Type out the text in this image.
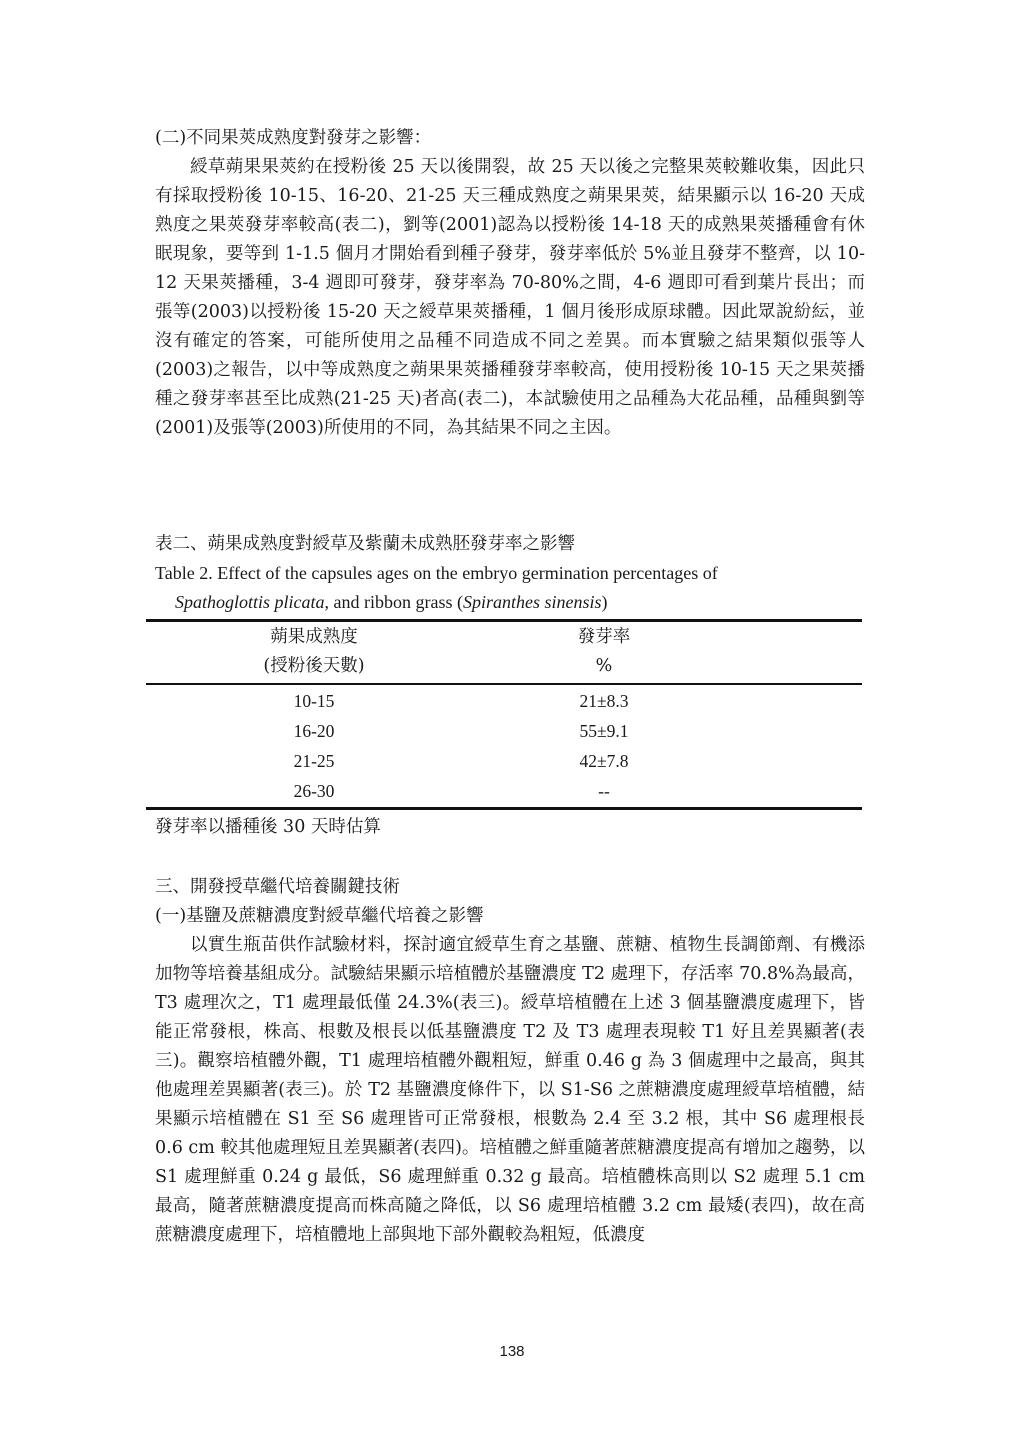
(二)不同果莢成熟度對發芽之影響：

綬草蒴果果莢約在授粉後 25 天以後開裂，故 25 天以後之完整果莢較難收集，因此只有採取授粉後 10-15、16-20、21-25 天三種成熟度之蒴果果莢，結果顯示以 16-20 天成熟度之果莢發芽率較高(表二)，劉等(2001)認為以授粉後 14-18 天的成熟果莢播種會有休眠現象，要等到 1-1.5 個月才開始看到種子發芽，發芽率低於 5%並且發芽不整齊，以 10-12 天果莢播種，3-4 週即可發芽，發芽率為 70-80%之間，4-6 週即可看到葉片長出；而張等(2003)以授粉後 15-20 天之綬草果莢播種，1 個月後形成原球體。因此眾說紛紜，並沒有確定的答案，可能所使用之品種不同造成不同之差異。而本實驗之結果類似張等人(2003)之報告，以中等成熟度之蒴果果莢播種發芽率較高，使用授粉後 10-15 天之果莢播種之發芽率甚至比成熟(21-25 天)者高(表二)，本試驗使用之品種為大花品種，品種與劉等(2001)及張等(2003)所使用的不同，為其結果不同之主因。

表二、蒴果成熟度對綬草及紫蘭未成熟胚發芽率之影響

Table 2. Effect of the capsules ages on the embryo germination percentages of
Spathoglottis plicata, and ribbon grass (Spiranthes sinensis)

蒴果成熟度
(授粉後天數)

發芽率
%

10-15	21±8.3	
16-20	55±9.1	
21-25	42±7.8	
26-30	--	
發芽率以播種後 30 天時估算

三、開發授草繼代培養關鍵技術

(一)基鹽及蔗糖濃度對綬草繼代培養之影響

以實生瓶苗供作試驗材料，探討適宜綬草生育之基鹽、蔗糖、植物生長調節劑、有機添加物等培養基組成分。試驗結果顯示培植體於基鹽濃度 T2 處理下，存活率 70.8%為最高，T3 處理次之，T1 處理最低僅 24.3%(表三)。綬草培植體在上述 3 個基鹽濃度處理下，皆能正常發根，株高、根數及根長以低基鹽濃度 T2 及 T3 處理表現較 T1 好且差異顯著(表三)。觀察培植體外觀，T1 處理培植體外觀粗短，鮮重 0.46 g 為 3 個處理中之最高，與其他處理差異顯著(表三)。於 T2 基鹽濃度條件下，以 S1-S6 之蔗糖濃度處理綬草培植體，結果顯示培植體在 S1 至 S6 處理皆可正常發根，根數為 2.4 至 3.2 根，其中 S6 處理根長 0.6 cm 較其他處理短且差異顯著(表四)。培植體之鮮重隨著蔗糖濃度提高有增加之趨勢，以 S1 處理鮮重 0.24 g 最低，S6 處理鮮重 0.32 g 最高。培植體株高則以 S2 處理 5.1 cm 最高，隨著蔗糖濃度提高而株高隨之降低，以 S6 處理培植體 3.2 cm 最矮(表四)，故在高蔗糖濃度處理下，培植體地上部與地下部外觀較為粗短，低濃度

138
